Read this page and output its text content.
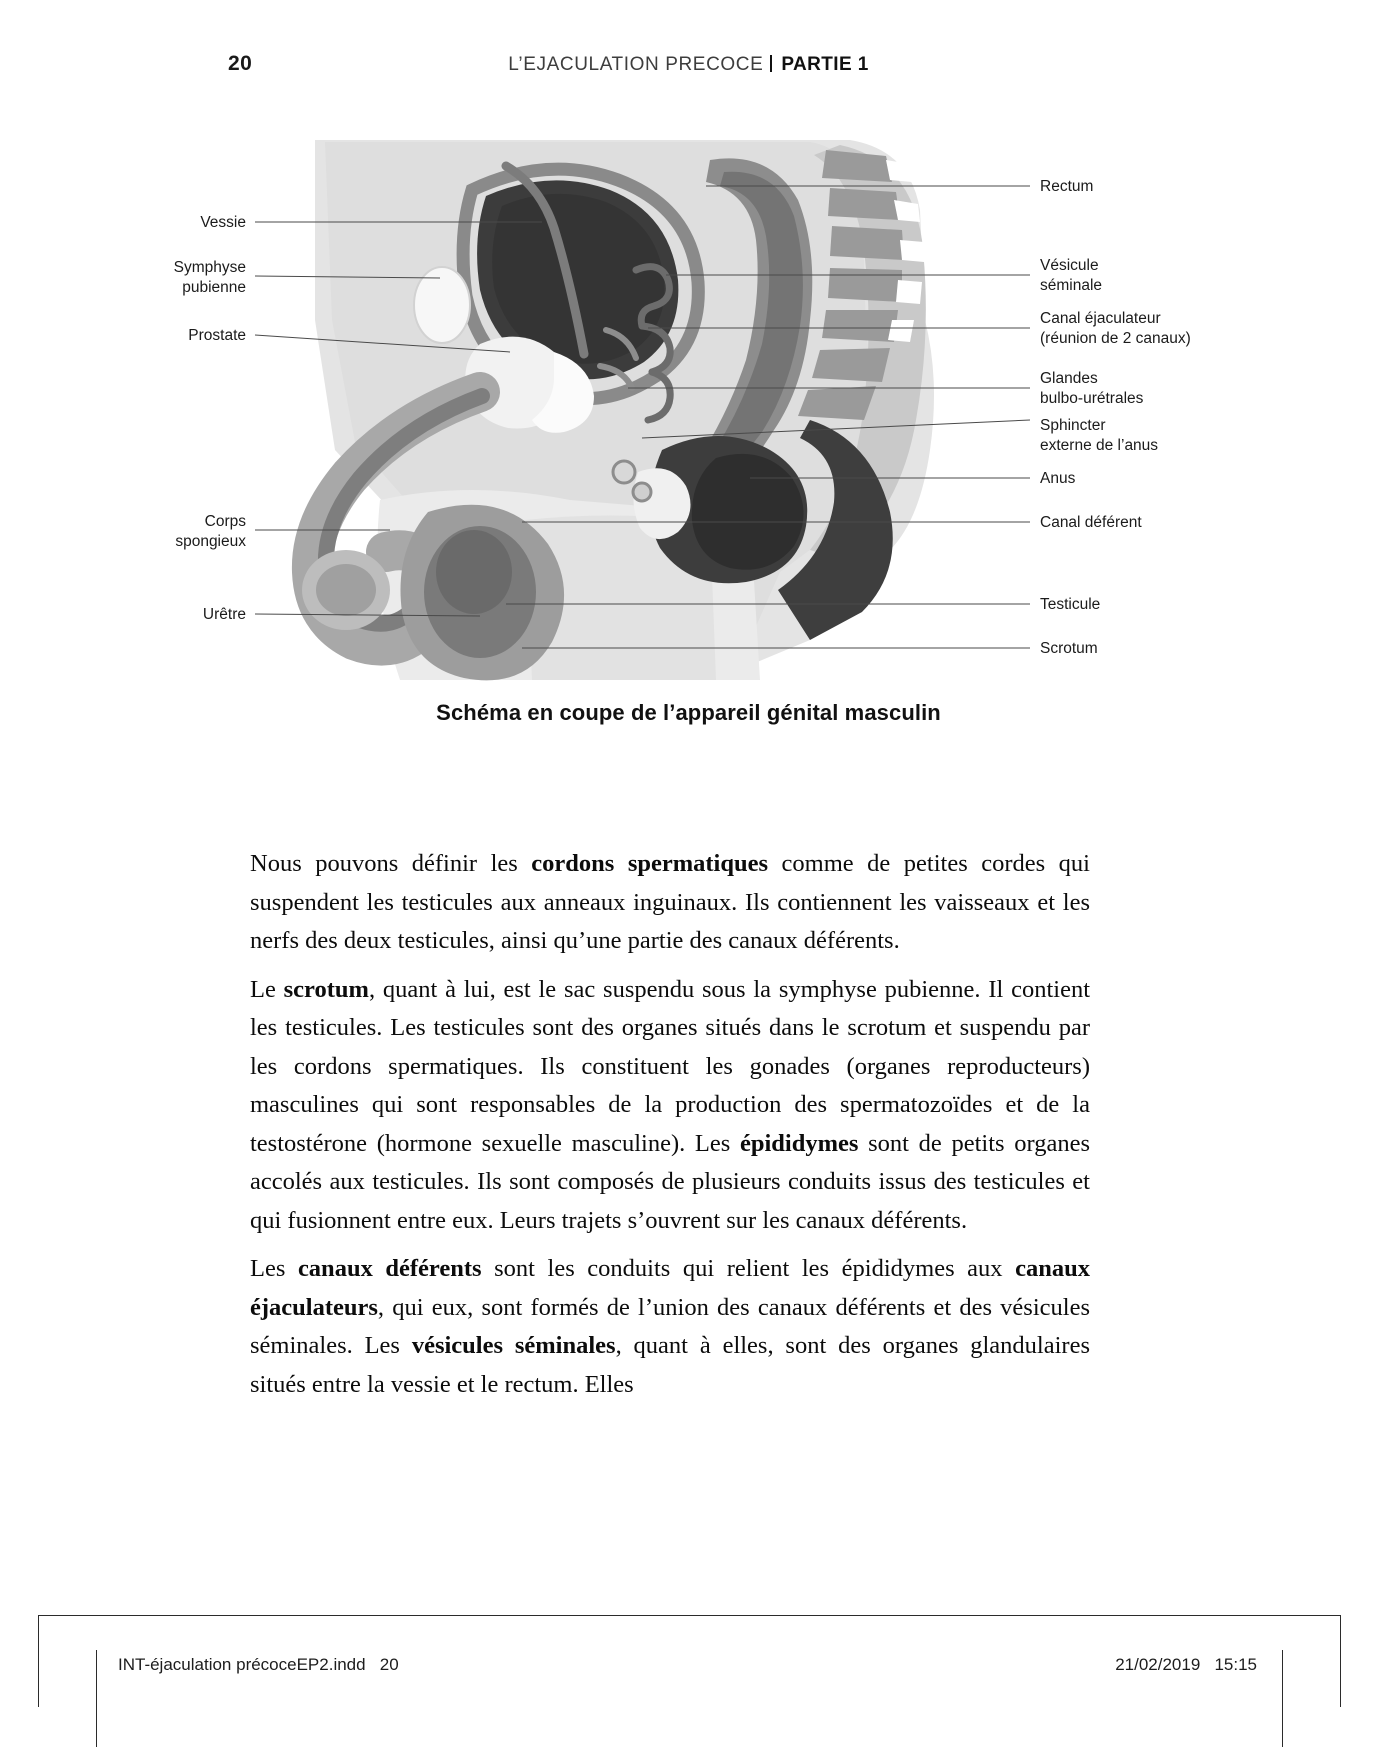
20	L’EJACULATION PRECOCE PARTIE 1
Vessie
Symphyse
pubienne
Prostate
Corps
spongieux
Urêtre
Rectum
Vésicule
séminale
Canal éjaculateur
(réunion de 2 canaux)
Glandes
bulbo-urétrales
Sphincter
externe de l’anus
Anus
Canal déférent
Testicule
Scrotum
Schéma en coupe de l’appareil génital masculin

Nous pouvons définir les cordons spermatiques comme de petites cordes qui suspendent les testicules aux anneaux inguinaux. Ils contiennent les vaisseaux et les nerfs des deux testicules, ainsi qu’une partie des canaux déférents.

Le scrotum, quant à lui, est le sac suspendu sous la symphyse pubienne. Il contient les testicules. Les testicules sont des organes situés dans le scrotum et suspendu par les cordons spermatiques. Ils constituent les gonades (organes reproducteurs) masculines qui sont responsables de la production des spermatozoïdes et de la testostérone (hormone sexuelle masculine). Les épididymes sont de petits organes accolés aux testicules. Ils sont composés de plusieurs conduits issus des testicules et qui fusionnent entre eux. Leurs trajets s’ouvrent sur les canaux déférents.

Les canaux déférents sont les conduits qui relient les épididymes aux canaux éjaculateurs, qui eux, sont formés de l’union des canaux déférents et des vésicules séminales. Les vésicules séminales, quant à elles, sont des organes glandulaires situés entre la vessie et le rectum. Elles

INT-éjaculation précoceEP2.indd   20	21/02/2019   15:15
